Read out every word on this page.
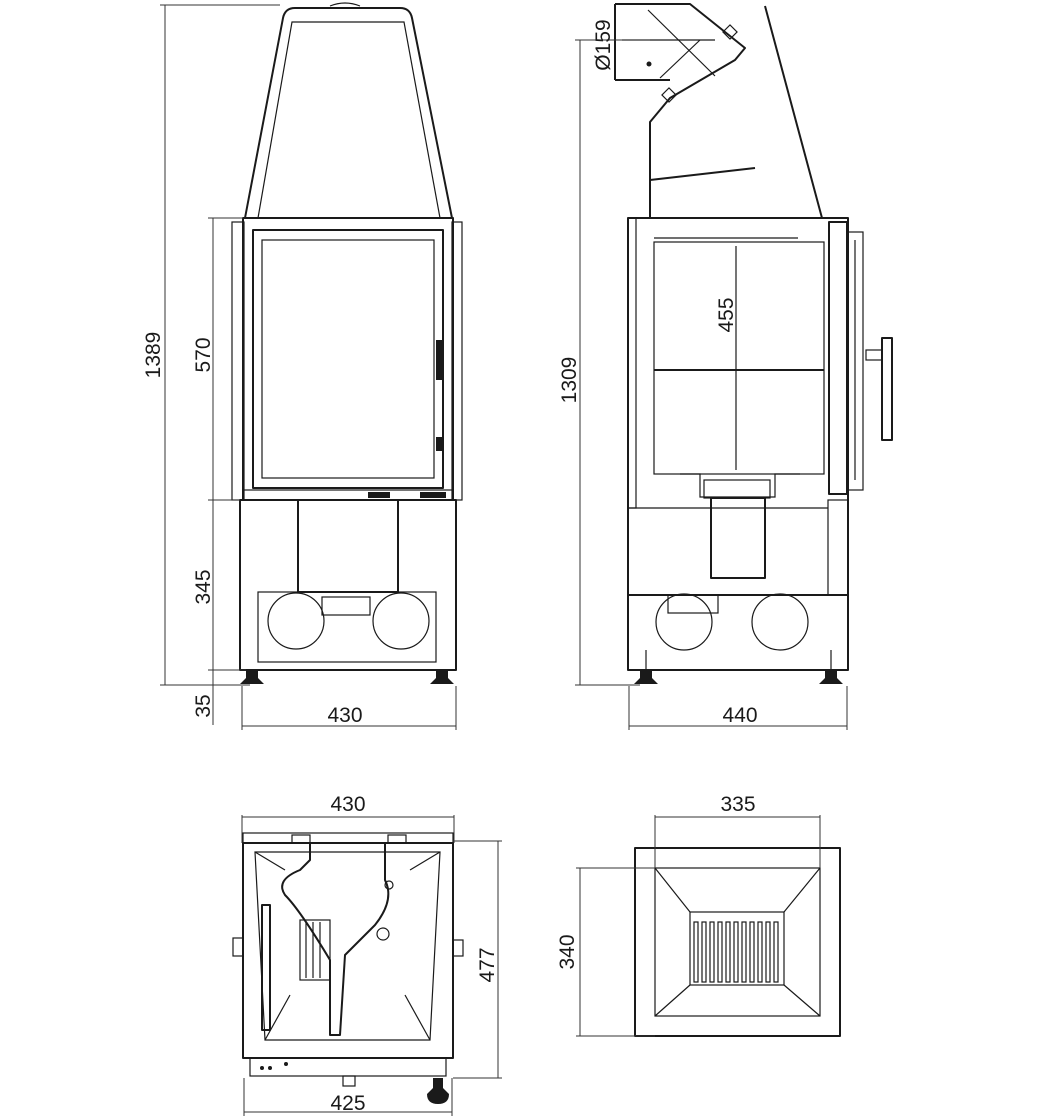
1389 570
345
35	430
Ø159
1309
455
440
430
477
425
335
340
